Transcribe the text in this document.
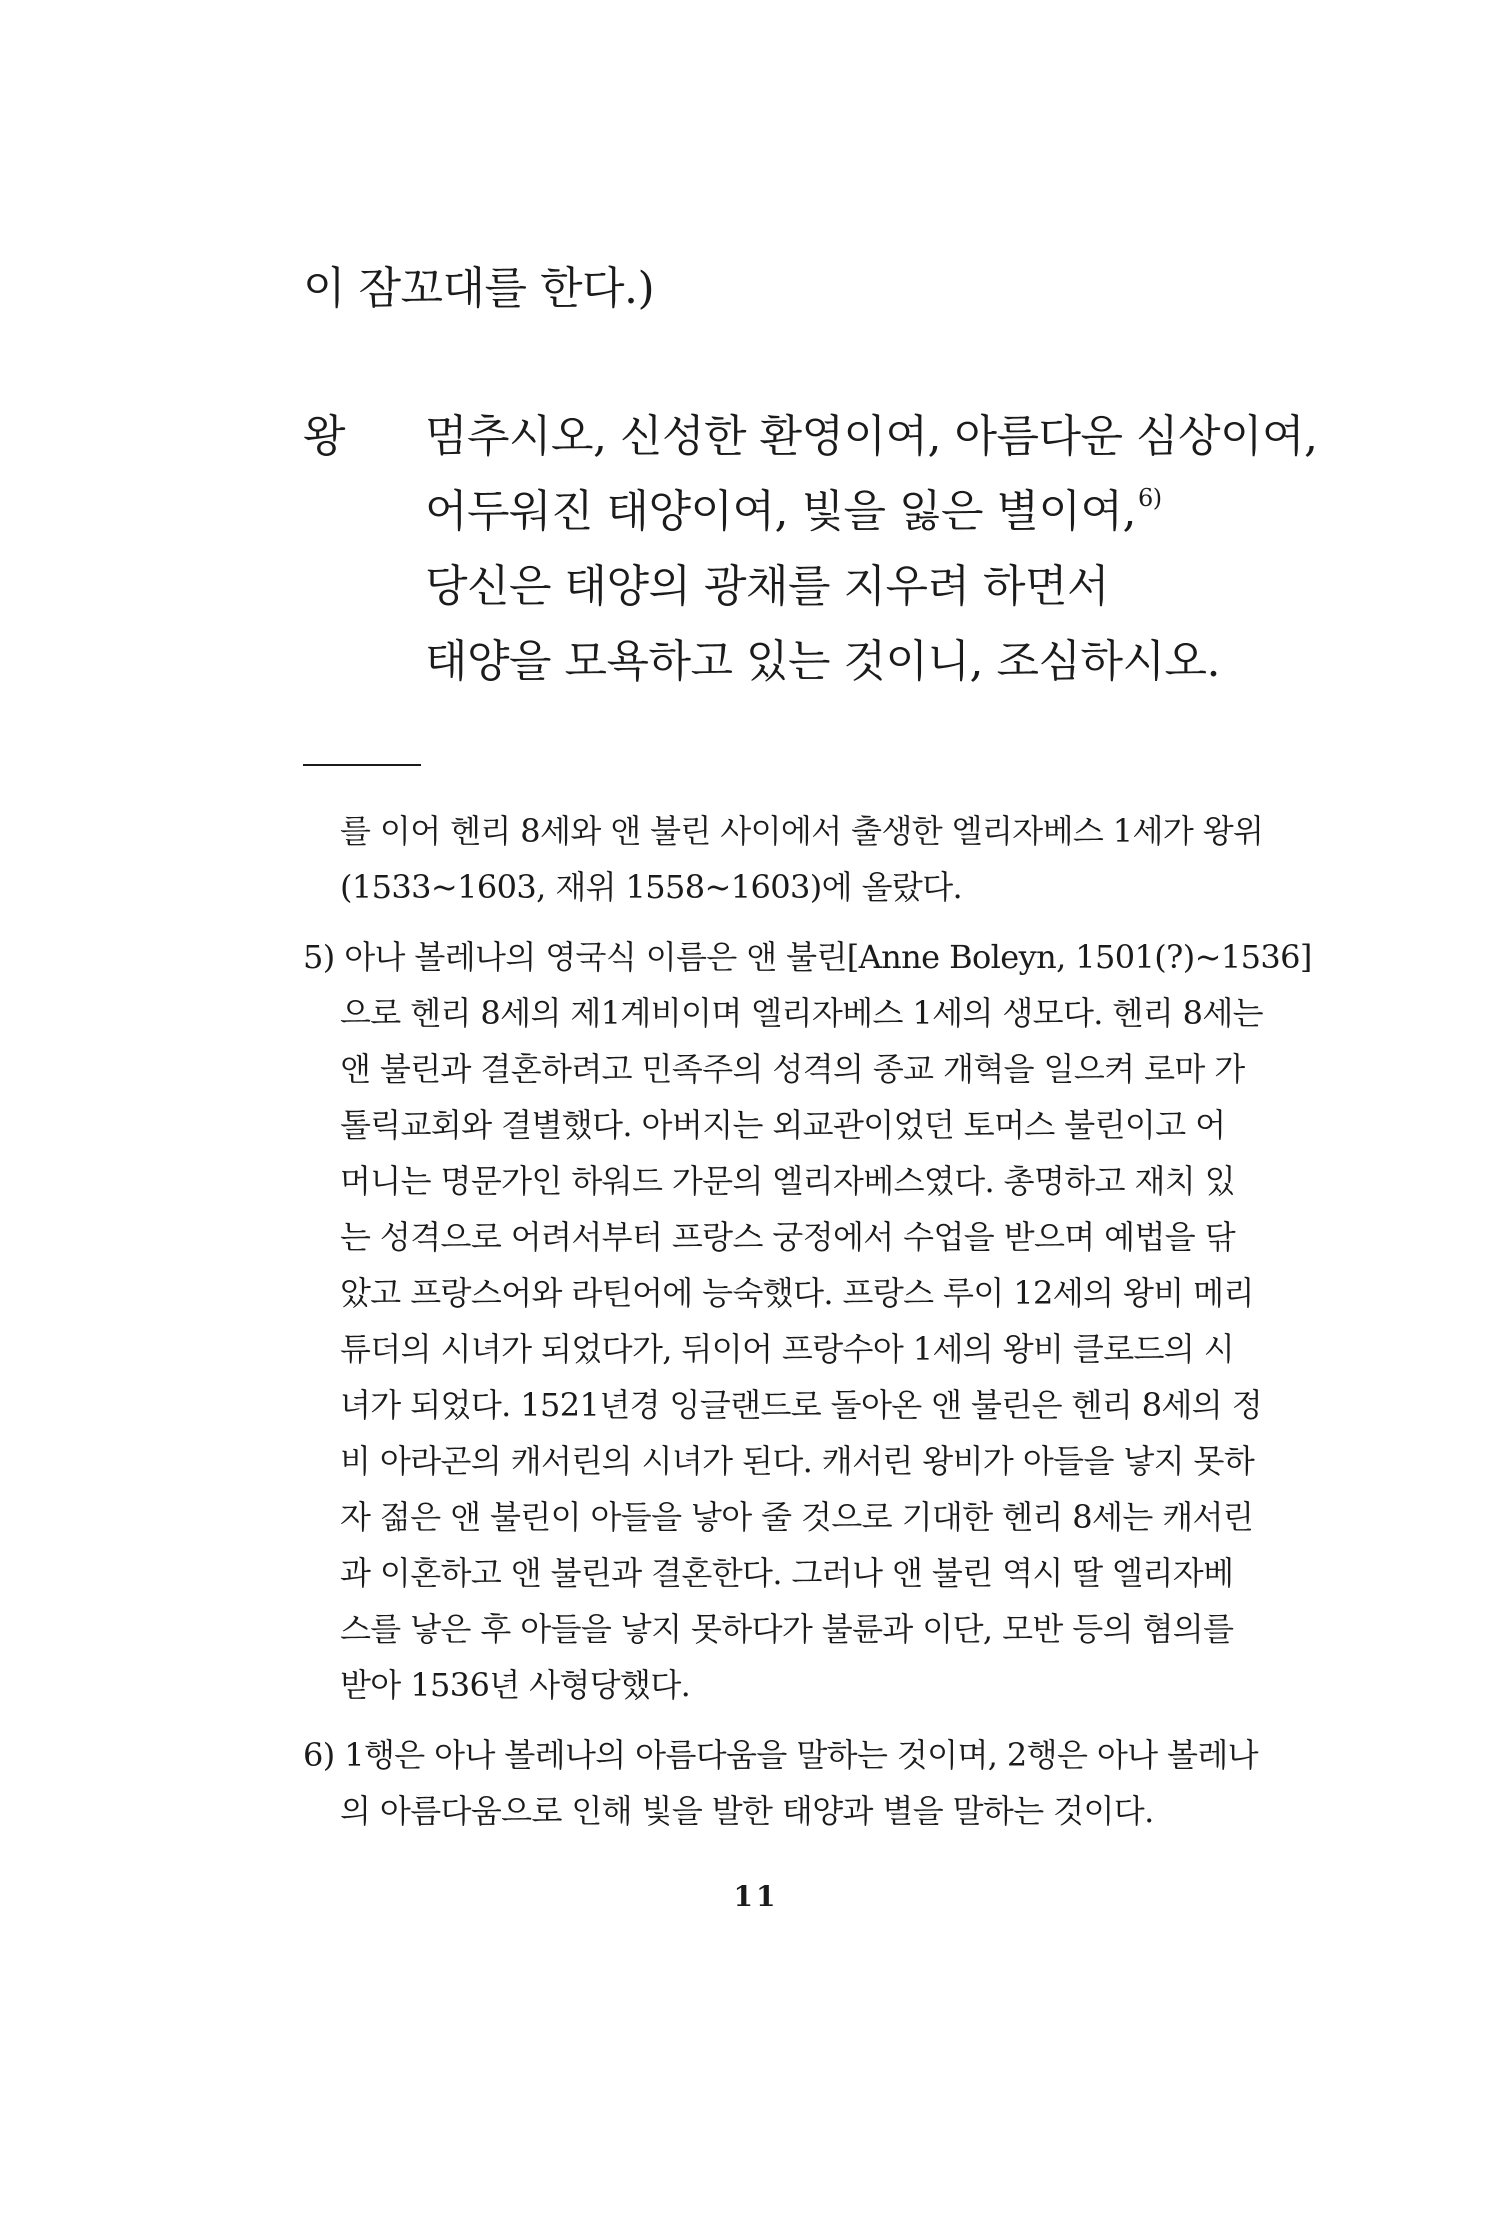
이 잠꼬대를 한다.)
왕 멈추시오, 신성한 환영이여, 아름다운 심상이여,
어두워진 태양이여, 빛을 잃은 별이여,$^{6)}$
당신은 태양의 광채를 지우려 하면서
태양을 모욕하고 있는 것이니, 조심하시오.
를 이어 헨리 8세와 앤 불린 사이에서 출생한 엘리자베스 1세가 왕위
(1533~1603, 재위 1558~1603)에 올랐다.
5) 아나 볼레나의 영국식 이름은 앤 불린[Anne Boleyn, 1501(?)~1536]
으로 헨리 8세의 제1계비이며 엘리자베스 1세의 생모다. 헨리 8세는
앤 불린과 결혼하려고 민족주의 성격의 종교 개혁을 일으켜 로마 가
톨릭교회와 결별했다. 아버지는 외교관이었던 토머스 불린이고 어
머니는 명문가인 하워드 가문의 엘리자베스였다. 총명하고 재치 있
는 성격으로 어려서부터 프랑스 궁정에서 수업을 받으며 예법을 닦
았고 프랑스어와 라틴어에 능숙했다. 프랑스 루이 12세의 왕비 메리
튜더의 시녀가 되었다가, 뒤이어 프랑수아 1세의 왕비 클로드의 시
녀가 되었다. 1521년경 잉글랜드로 돌아온 앤 불린은 헨리 8세의 정
비 아라곤의 캐서린의 시녀가 된다. 캐서린 왕비가 아들을 낳지 못하
자 젊은 앤 불린이 아들을 낳아 줄 것으로 기대한 헨리 8세는 캐서린
과 이혼하고 앤 불린과 결혼한다. 그러나 앤 불린 역시 딸 엘리자베
스를 낳은 후 아들을 낳지 못하다가 불륜과 이단, 모반 등의 혐의를
받아 1536년 사형당했다.
6) 1행은 아나 볼레나의 아름다움을 말하는 것이며, 2행은 아나 볼레나
의 아름다움으로 인해 빛을 발한 태양과 별을 말하는 것이다.
11
